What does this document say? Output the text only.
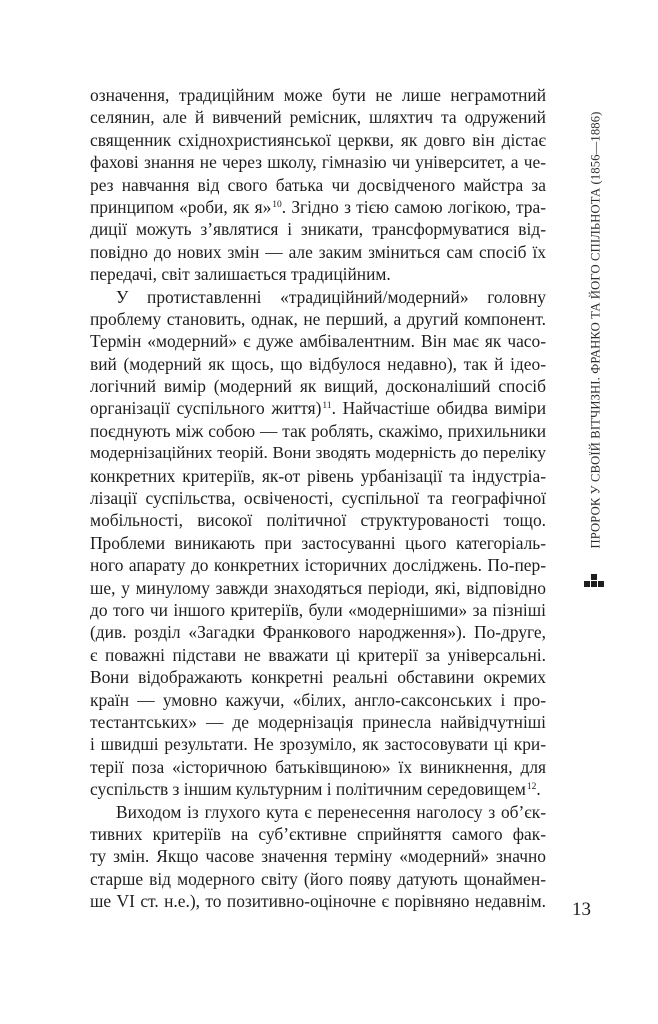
означення, традиційним може бути не лише неграмотний
селянин, але й вивчений ремісник, шляхтич та одружений
священник східнохристиянської церкви, як довго він дістає
фахові знання не через школу, гімназію чи університет, а че-
рез навчання від свого батька чи досвідченого майстра за
принципом «роби, як я»$^{10}$. Згідно з тією самою логікою, тра-
диції можуть з’являтися і зникати, трансформуватися від-
повідно до нових змін — але заким зміниться сам спосіб їх
передачі, світ залишається традиційним.
У протиставленні «традиційний/модерний» головну
проблему становить, однак, не перший, а другий компонент.
Термін «модерний» є дуже амбівалентним. Він має як часо-
вий (модерний як щось, що відбулося недавно), так й ідео-
логічний вимір (модерний як вищий, досконаліший спосіб
організації суспільного життя)$^{11}$. Найчастіше обидва виміри
поєднують між собою — так роблять, скажімо, прихильники
модернізаційних теорій. Вони зводять модерність до переліку
конкретних критеріїв, як-от рівень урбанізації та індустріа-
лізації суспільства, освіченості, суспільної та географічної
мобільності, високої політичної структурованості тощо.
Проблеми виникають при застосуванні цього категоріаль-
ного апарату до конкретних історичних досліджень. По-пер-
ше, у минулому завжди знаходяться періоди, які, відповідно
до того чи іншого критеріїв, були «модернішими» за пізніші
(див. розділ «Загадки Франкового народження»). По-друге,
є поважні підстави не вважати ці критерії за універсальні.
Вони відображають конкретні реальні обставини окремих
країн — умовно кажучи, «білих, англо-саксонських і про-
тестантських» — де модернізація принесла найвідчутніші
і швидші результати. Не зрозуміло, як застосовувати ці кри-
терії поза «історичною батьківщиною» їх виникнення, для
суспільств з іншим культурним і політичним середовищем$^{12}$.
Виходом із глухого кута є перенесення наголосу з об’єк-
тивних критеріїв на суб’єктивне сприйняття самого фак-
ту змін. Якщо часове значення терміну «модерний» значно
старше від модерного світу (його появу датують щонаймен-
ше VI ст. н.е.), то позитивно-оціночне є порівняно недавнім.
ПРОРОК У СВОЇЙ ВІТЧИЗНІ. ФРАНКО ТА ЙОГО СПІЛЬНОТА (1856—1886)
13
